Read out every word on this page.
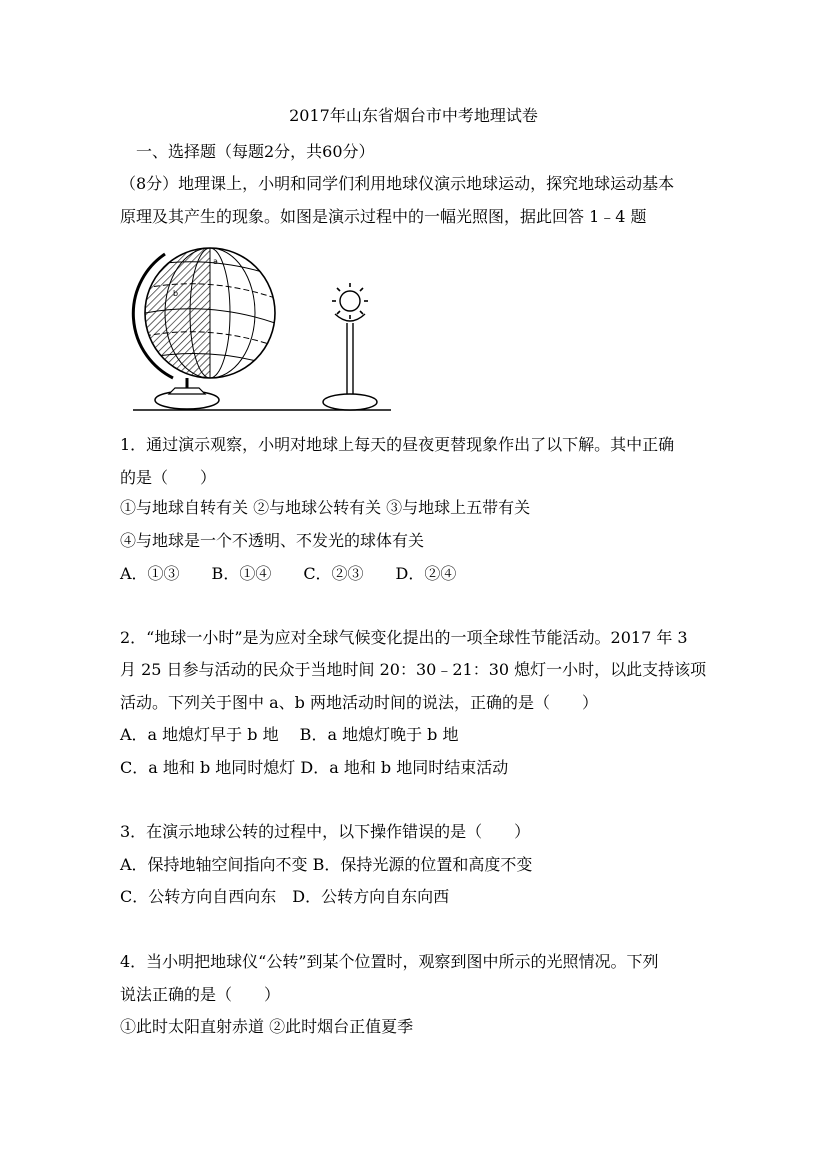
2017年山东省烟台市中考地理试卷
一、选择题（每题2分，共60分）
（8分）地理课上，小明和同学们利用地球仪演示地球运动，探究地球运动基本
原理及其产生的现象。如图是演示过程中的一幅光照图，据此回答 1﹣4 题
a
b
1．通过演示观察，小明对地球上每天的昼夜更替现象作出了以下解。其中正确
的是（　　）
①与地球自转有关 ②与地球公转有关 ③与地球上五带有关
④与地球是一个不透明、不发光的球体有关
A．①③　　B．①④　　C．②③　　D．②④
2．“地球一小时”是为应对全球气候变化提出的一项全球性节能活动。2017 年 3
月 25 日参与活动的民众于当地时间 20：30﹣21：30 熄灯一小时，以此支持该项
活动。下列关于图中 a、b 两地活动时间的说法，正确的是（　　）
A．a 地熄灯早于 b 地　 B．a 地熄灯晚于 b 地
C．a 地和 b 地同时熄灯 D．a 地和 b 地同时结束活动
3．在演示地球公转的过程中，以下操作错误的是（　　）
A．保持地轴空间指向不变 B．保持光源的位置和高度不变
C．公转方向自西向东　D．公转方向自东向西
4．当小明把地球仪“公转”到某个位置时，观察到图中所示的光照情况。下列
说法正确的是（　　）
①此时太阳直射赤道 ②此时烟台正值夏季
